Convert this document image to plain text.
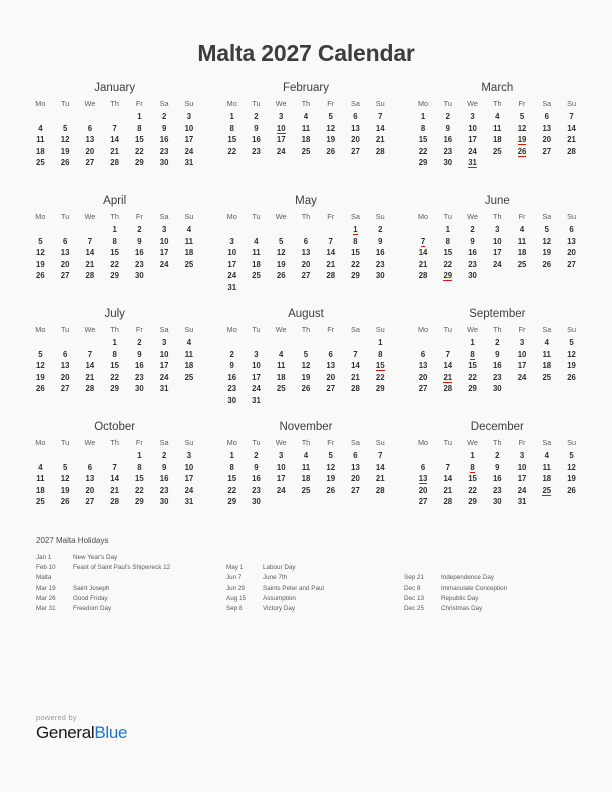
Malta 2027 Calendar
January
Mo	Tu	We	Th	Fr	Sa	Su
				1	2	3
4	5	6	7	8	9	10
11	12	13	14	15	16	17
18	19	20	21	22	23	24
25	26	27	28	29	30	31
February
Mo	Tu	We	Th	Fr	Sa	Su
1	2	3	4	5	6	7
8	9	10	11	12	13	14
15	16	17	18	19	20	21
22	23	24	25	26	27	28
March
Mo	Tu	We	Th	Fr	Sa	Su
1	2	3	4	5	6	7
8	9	10	11	12	13	14
15	16	17	18	19	20	21
22	23	24	25	26	27	28
29	30	31				
April
Mo	Tu	We	Th	Fr	Sa	Su
			1	2	3	4
5	6	7	8	9	10	11
12	13	14	15	16	17	18
19	20	21	22	23	24	25
26	27	28	29	30		
May
Mo	Tu	We	Th	Fr	Sa	Su
					1	2
3	4	5	6	7	8	9
10	11	12	13	14	15	16
17	18	19	20	21	22	23
24	25	26	27	28	29	30
31						
June
Mo	Tu	We	Th	Fr	Sa	Su
	1	2	3	4	5	6
7	8	9	10	11	12	13
14	15	16	17	18	19	20
21	22	23	24	25	26	27
28	29	30				
July
Mo	Tu	We	Th	Fr	Sa	Su
			1	2	3	4
5	6	7	8	9	10	11
12	13	14	15	16	17	18
19	20	21	22	23	24	25
26	27	28	29	30	31	
August
Mo	Tu	We	Th	Fr	Sa	Su
						1
2	3	4	5	6	7	8
9	10	11	12	13	14	15
16	17	18	19	20	21	22
23	24	25	26	27	28	29
30	31					
September
Mo	Tu	We	Th	Fr	Sa	Su
		1	2	3	4	5
6	7	8	9	10	11	12
13	14	15	16	17	18	19
20	21	22	23	24	25	26
27	28	29	30			
October
Mo	Tu	We	Th	Fr	Sa	Su
				1	2	3
4	5	6	7	8	9	10
11	12	13	14	15	16	17
18	19	20	21	22	23	24
25	26	27	28	29	30	31
November
Mo	Tu	We	Th	Fr	Sa	Su
1	2	3	4	5	6	7
8	9	10	11	12	13	14
15	16	17	18	19	20	21
22	23	24	25	26	27	28
29	30					
December
Mo	Tu	We	Th	Fr	Sa	Su
		1	2	3	4	5
6	7	8	9	10	11	12
13	14	15	16	17	18	19
20	21	22	23	24	25	26
27	28	29	30	31		
2027 Malta Holidays
Jan 1	New Year's Day
Feb 10	Feast of Saint Paul's Shipwreck 12
Malta

Mar 19	Saint Joseph
Mar 26	Good Friday
Mar 31	Freedom Day

May 1	Labour Day
Jun 7	June 7th
Jun 29	Saints Peter and Paul
Aug 15	Assumption
Sep 8	Victory Day

Sep 21	Independence Day
Dec 8	Immaculate Conception
Dec 13	Republic Day
Dec 25	Christmas Day
powered by
GeneralBlue
